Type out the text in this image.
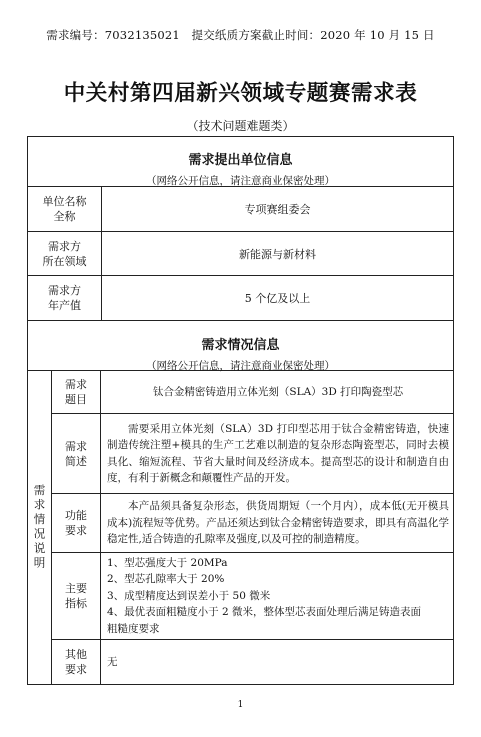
需求编号：7032135021 提交纸质方案截止时间：2020 年 10 月 15 日
中关村第四届新兴领域专题赛需求表
（技术问题难题类）
需求提出单位信息
（网络公开信息，请注意商业保密处理）
单位名称
全称
专项赛组委会
需求方
所在领域
新能源与新材料
需求方
年产值
5 个亿及以上
需求情况信息
（网络公开信息，请注意商业保密处理）
需求情况说明
需求
题目
钛合金精密铸造用立体光刻（SLA）3D 打印陶瓷型芯
需求
简述
需要采用立体光刻（SLA）3D 打印型芯用于钛合金精密铸造，快速制造传统注塑+模具的生产工艺难以制造的复杂形态陶瓷型芯，同时去模具化、缩短流程、节省大量时间及经济成本。提高型芯的设计和制造自由度，有利于新概念和颠覆性产品的开发。
功能
要求
本产品须具备复杂形态，供货周期短（一个月内），成本低(无开模具成本)流程短等优势。产品还须达到钛合金精密铸造要求，即具有高温化学稳定性,适合铸造的孔隙率及强度,以及可控的制造精度。
主要
指标
1、型芯强度大于 20MPa
2、型芯孔隙率大于 20%
3、成型精度达到误差小于 50 微米
4、最优表面粗糙度小于 2 微米，整体型芯表面处理后满足铸造表面
粗糙度要求
其他
要求
无
1
